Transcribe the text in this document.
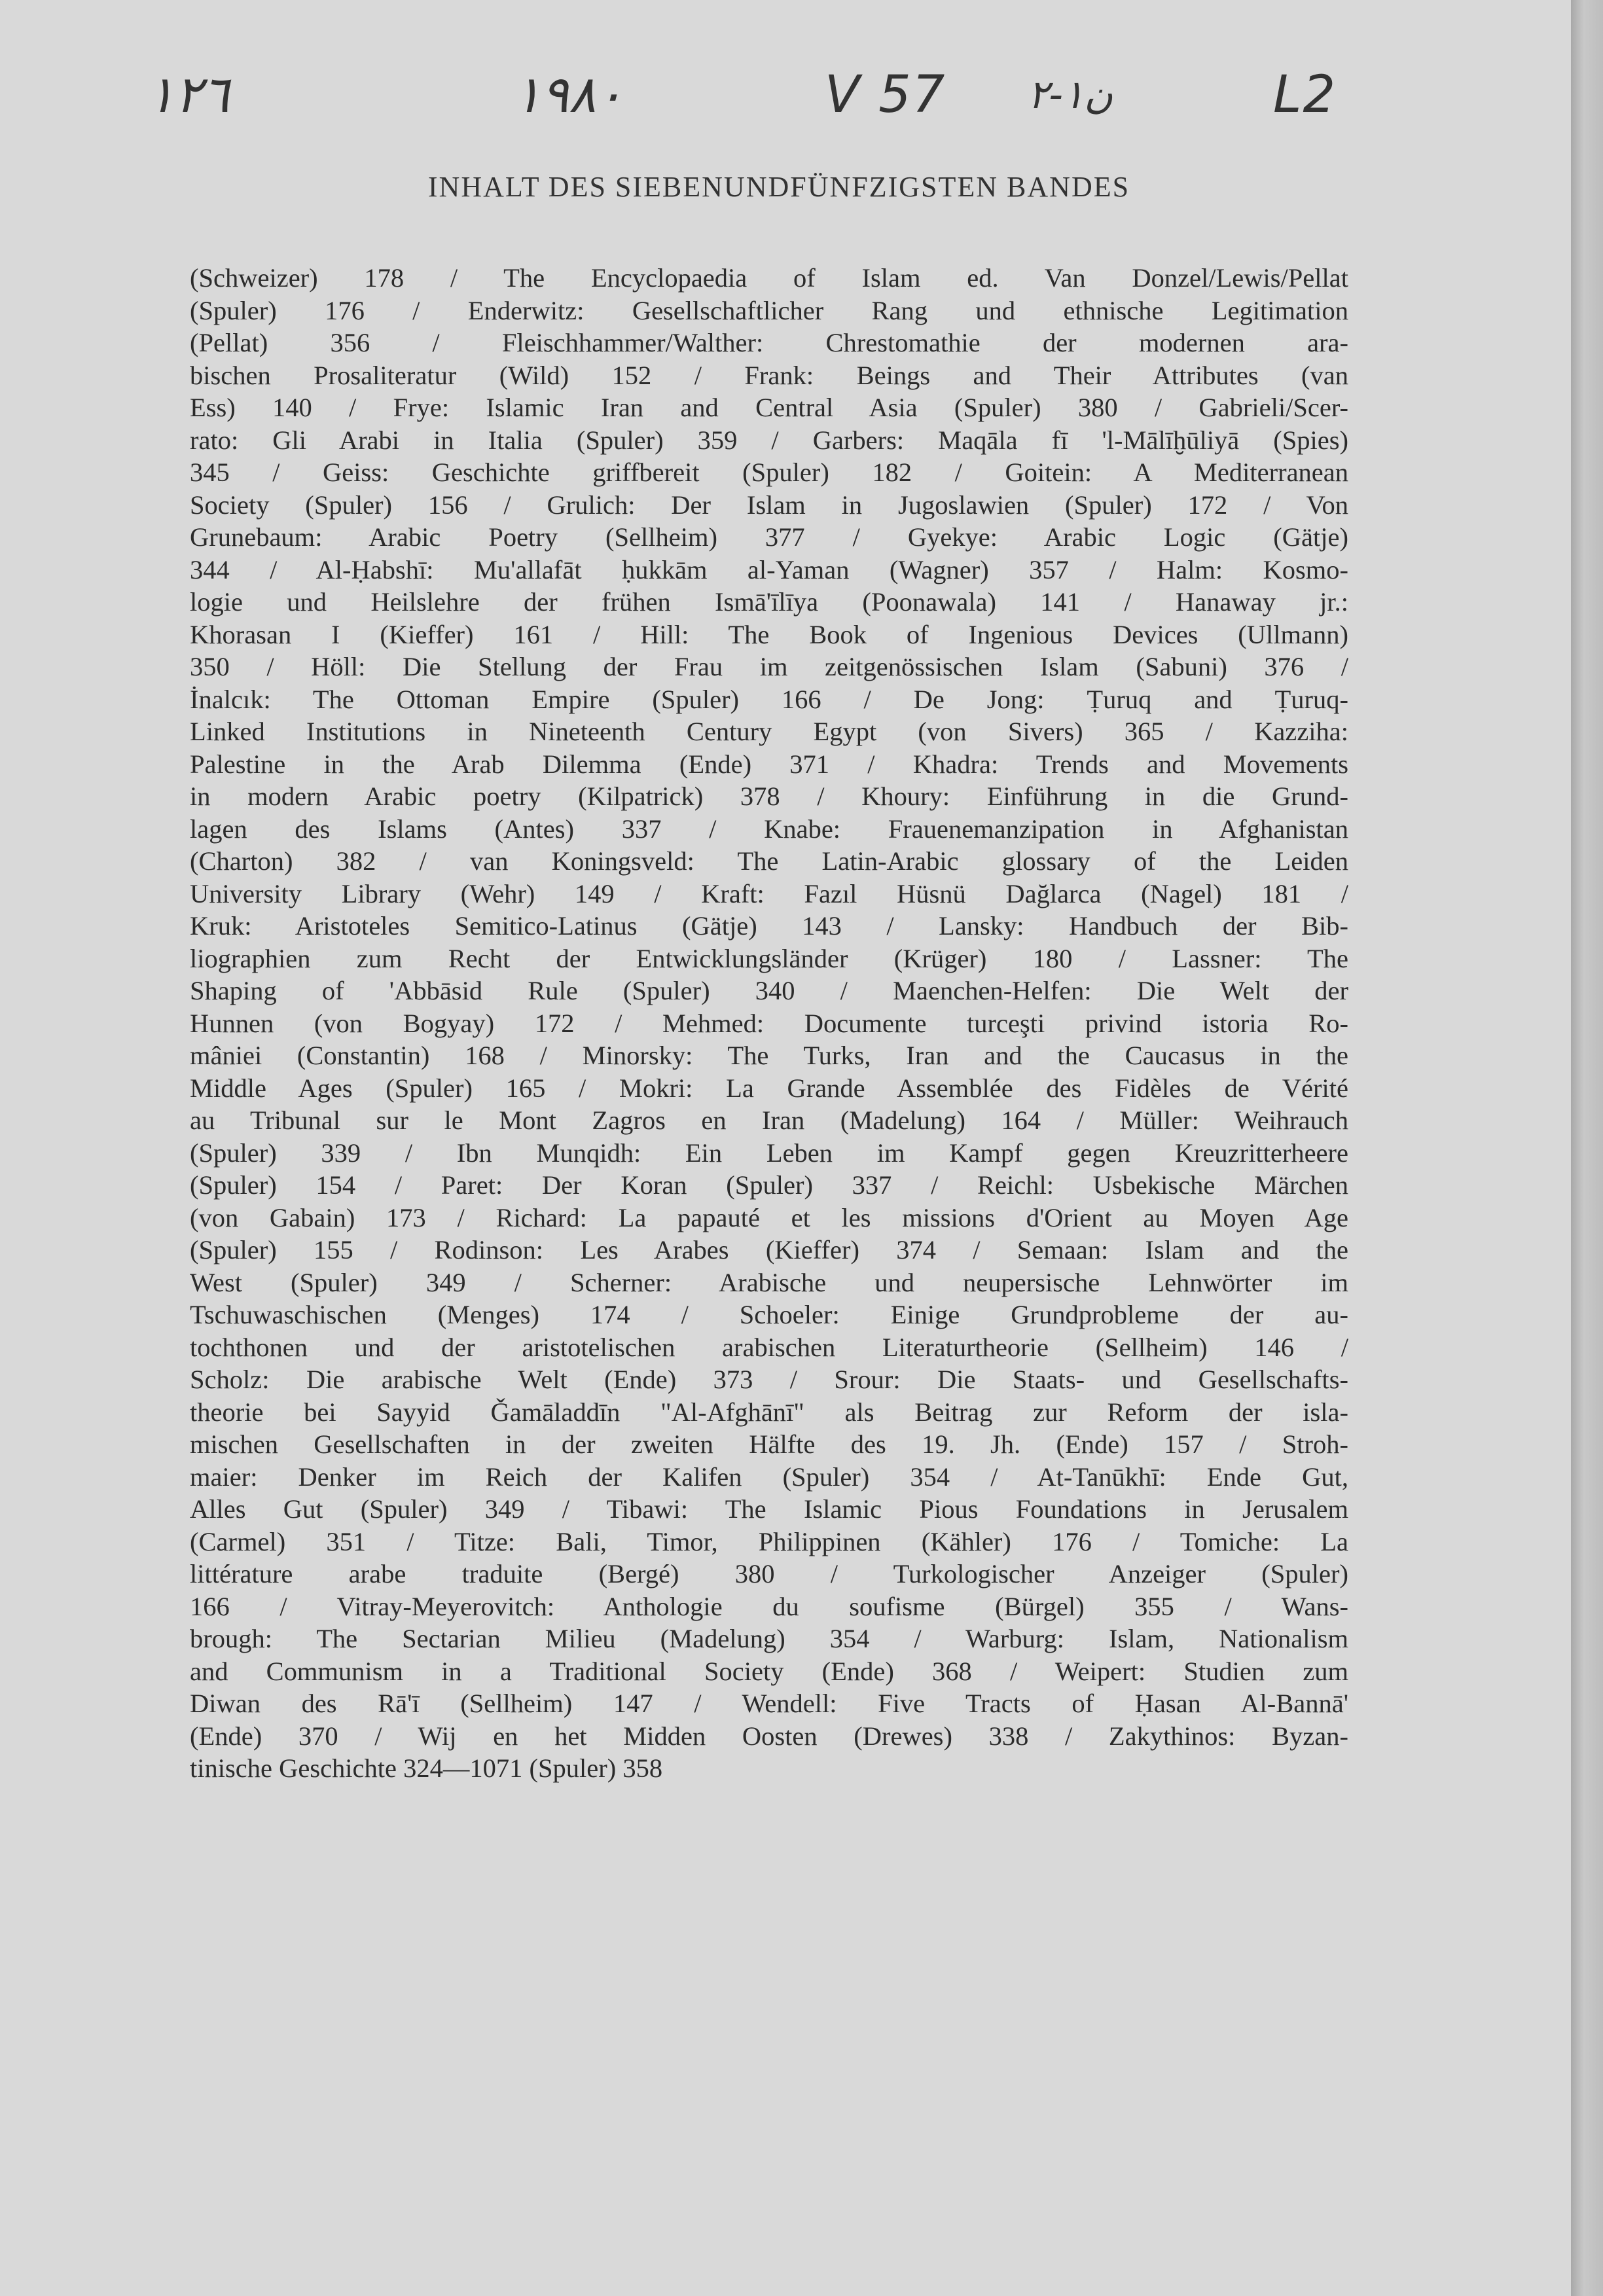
١٢٦	١٩٨٠	V 57 ن١-٢	L2
INHALT DES SIEBENUNDFÜNFZIGSTEN BANDES
(Schweizer) 178 / The Encyclopaedia of Islam ed. Van Donzel/Lewis/Pellat
(Spuler) 176 / Enderwitz: Gesellschaftlicher Rang und ethnische Legitimation
(Pellat) 356 / Fleischhammer/Walther: Chrestomathie der modernen ara-
bischen Prosaliteratur (Wild) 152 / Frank: Beings and Their Attributes (van
Ess) 140 / Frye: Islamic Iran and Central Asia (Spuler) 380 / Gabrieli/Scer-
rato: Gli Arabi in Italia (Spuler) 359 / Garbers: Maqāla fī 'l-Mālīḫūliyā (Spies)
345 / Geiss: Geschichte griffbereit (Spuler) 182 / Goitein: A Mediterranean
Society (Spuler) 156 / Grulich: Der Islam in Jugoslawien (Spuler) 172 / Von
Grunebaum: Arabic Poetry (Sellheim) 377 / Gyekye: Arabic Logic (Gätje)
344 / Al-Ḥabshī: Mu'allafāt ḥukkām al-Yaman (Wagner) 357 / Halm: Kosmo-
logie und Heilslehre der frühen Ismā'īlīya (Poonawala) 141 / Hanaway jr.:
Khorasan I (Kieffer) 161 / Hill: The Book of Ingenious Devices (Ullmann)
350 / Höll: Die Stellung der Frau im zeitgenössischen Islam (Sabuni) 376 /
İnalcık: The Ottoman Empire (Spuler) 166 / De Jong: Ṭuruq and Ṭuruq-
Linked Institutions in Nineteenth Century Egypt (von Sivers) 365 / Kazziha:
Palestine in the Arab Dilemma (Ende) 371 / Khadra: Trends and Movements
in modern Arabic poetry (Kilpatrick) 378 / Khoury: Einführung in die Grund-
lagen des Islams (Antes) 337 / Knabe: Frauenemanzipation in Afghanistan
(Charton) 382 / van Koningsveld: The Latin-Arabic glossary of the Leiden
University Library (Wehr) 149 / Kraft: Fazıl Hüsnü Dağlarca (Nagel) 181 /
Kruk: Aristoteles Semitico-Latinus (Gätje) 143 / Lansky: Handbuch der Bib-
liographien zum Recht der Entwicklungsländer (Krüger) 180 / Lassner: The
Shaping of 'Abbāsid Rule (Spuler) 340 / Maenchen-Helfen: Die Welt der
Hunnen (von Bogyay) 172 / Mehmed: Documente turceşti privind istoria Ro-
mâniei (Constantin) 168 / Minorsky: The Turks, Iran and the Caucasus in the
Middle Ages (Spuler) 165 / Mokri: La Grande Assemblée des Fidèles de Vérité
au Tribunal sur le Mont Zagros en Iran (Madelung) 164 / Müller: Weihrauch
(Spuler) 339 / Ibn Munqidh: Ein Leben im Kampf gegen Kreuzritterheere
(Spuler) 154 / Paret: Der Koran (Spuler) 337 / Reichl: Usbekische Märchen
(von Gabain) 173 / Richard: La papauté et les missions d'Orient au Moyen Age
(Spuler) 155 / Rodinson: Les Arabes (Kieffer) 374 / Semaan: Islam and the
West (Spuler) 349 / Scherner: Arabische und neupersische Lehnwörter im
Tschuwaschischen (Menges) 174 / Schoeler: Einige Grundprobleme der au-
tochthonen und der aristotelischen arabischen Literaturtheorie (Sellheim) 146 /
Scholz: Die arabische Welt (Ende) 373 / Srour: Die Staats- und Gesellschafts-
theorie bei Sayyid Ǧamāladdīn "Al-Afghānī" als Beitrag zur Reform der isla-
mischen Gesellschaften in der zweiten Hälfte des 19. Jh. (Ende) 157 / Stroh-
maier: Denker im Reich der Kalifen (Spuler) 354 / At-Tanūkhī: Ende Gut,
Alles Gut (Spuler) 349 / Tibawi: The Islamic Pious Foundations in Jerusalem
(Carmel) 351 / Titze: Bali, Timor, Philippinen (Kähler) 176 / Tomiche: La
littérature arabe traduite (Bergé) 380 / Turkologischer Anzeiger (Spuler)
166 / Vitray-Meyerovitch: Anthologie du soufisme (Bürgel) 355 / Wans-
brough: The Sectarian Milieu (Madelung) 354 / Warburg: Islam, Nationalism
and Communism in a Traditional Society (Ende) 368 / Weipert: Studien zum
Diwan des Rā'ī (Sellheim) 147 / Wendell: Five Tracts of Ḥasan Al-Bannā'
(Ende) 370 / Wij en het Midden Oosten (Drewes) 338 / Zakythinos: Byzan-
tinische Geschichte 324—1071 (Spuler) 358
